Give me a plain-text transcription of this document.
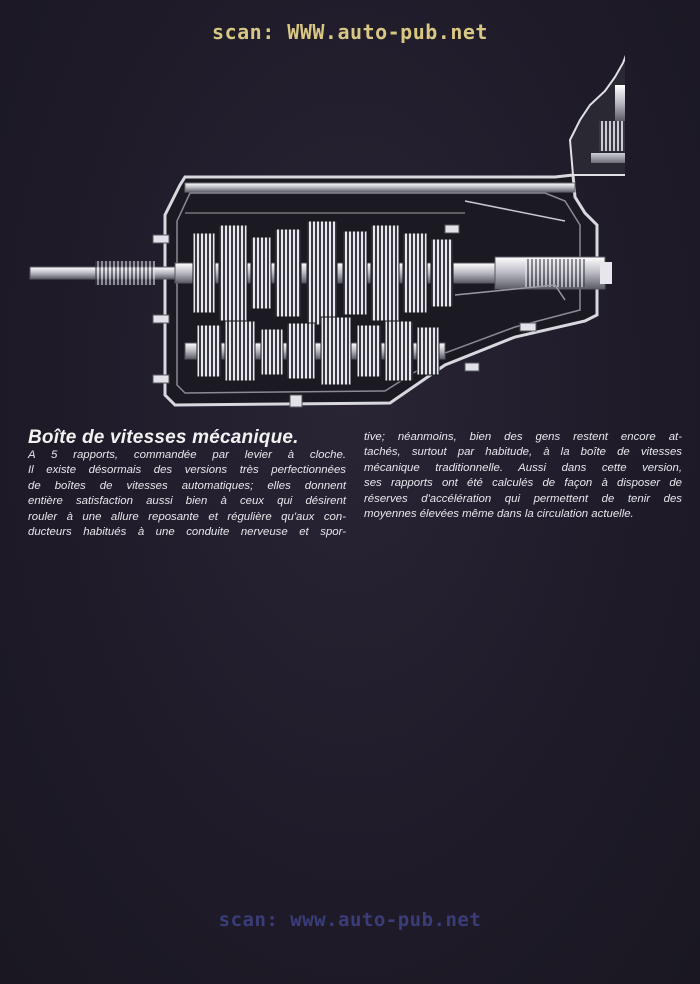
scan: WWW.auto-pub.net
Boîte de vitesses mécanique.

A 5 rapports, commandée par levier à cloche.
Il existe désormais des versions très perfectionnées
de boîtes de vitesses automatiques; elles donnent
entière satisfaction aussi bien à ceux qui désirent
rouler à une allure reposante et régulière qu'aux con-
ducteurs habitués à une conduite nerveuse et spor-

tive; néanmoins, bien des gens restent encore at-
tachés, surtout par habitude, à la boîte de vitesses
mécanique traditionnelle. Aussi dans cette version,
ses rapports ont été calculés de façon à disposer de
réserves d'accélération qui permettent de tenir des
moyennes élevées même dans la circulation actuelle.

scan: www.auto-pub.net
